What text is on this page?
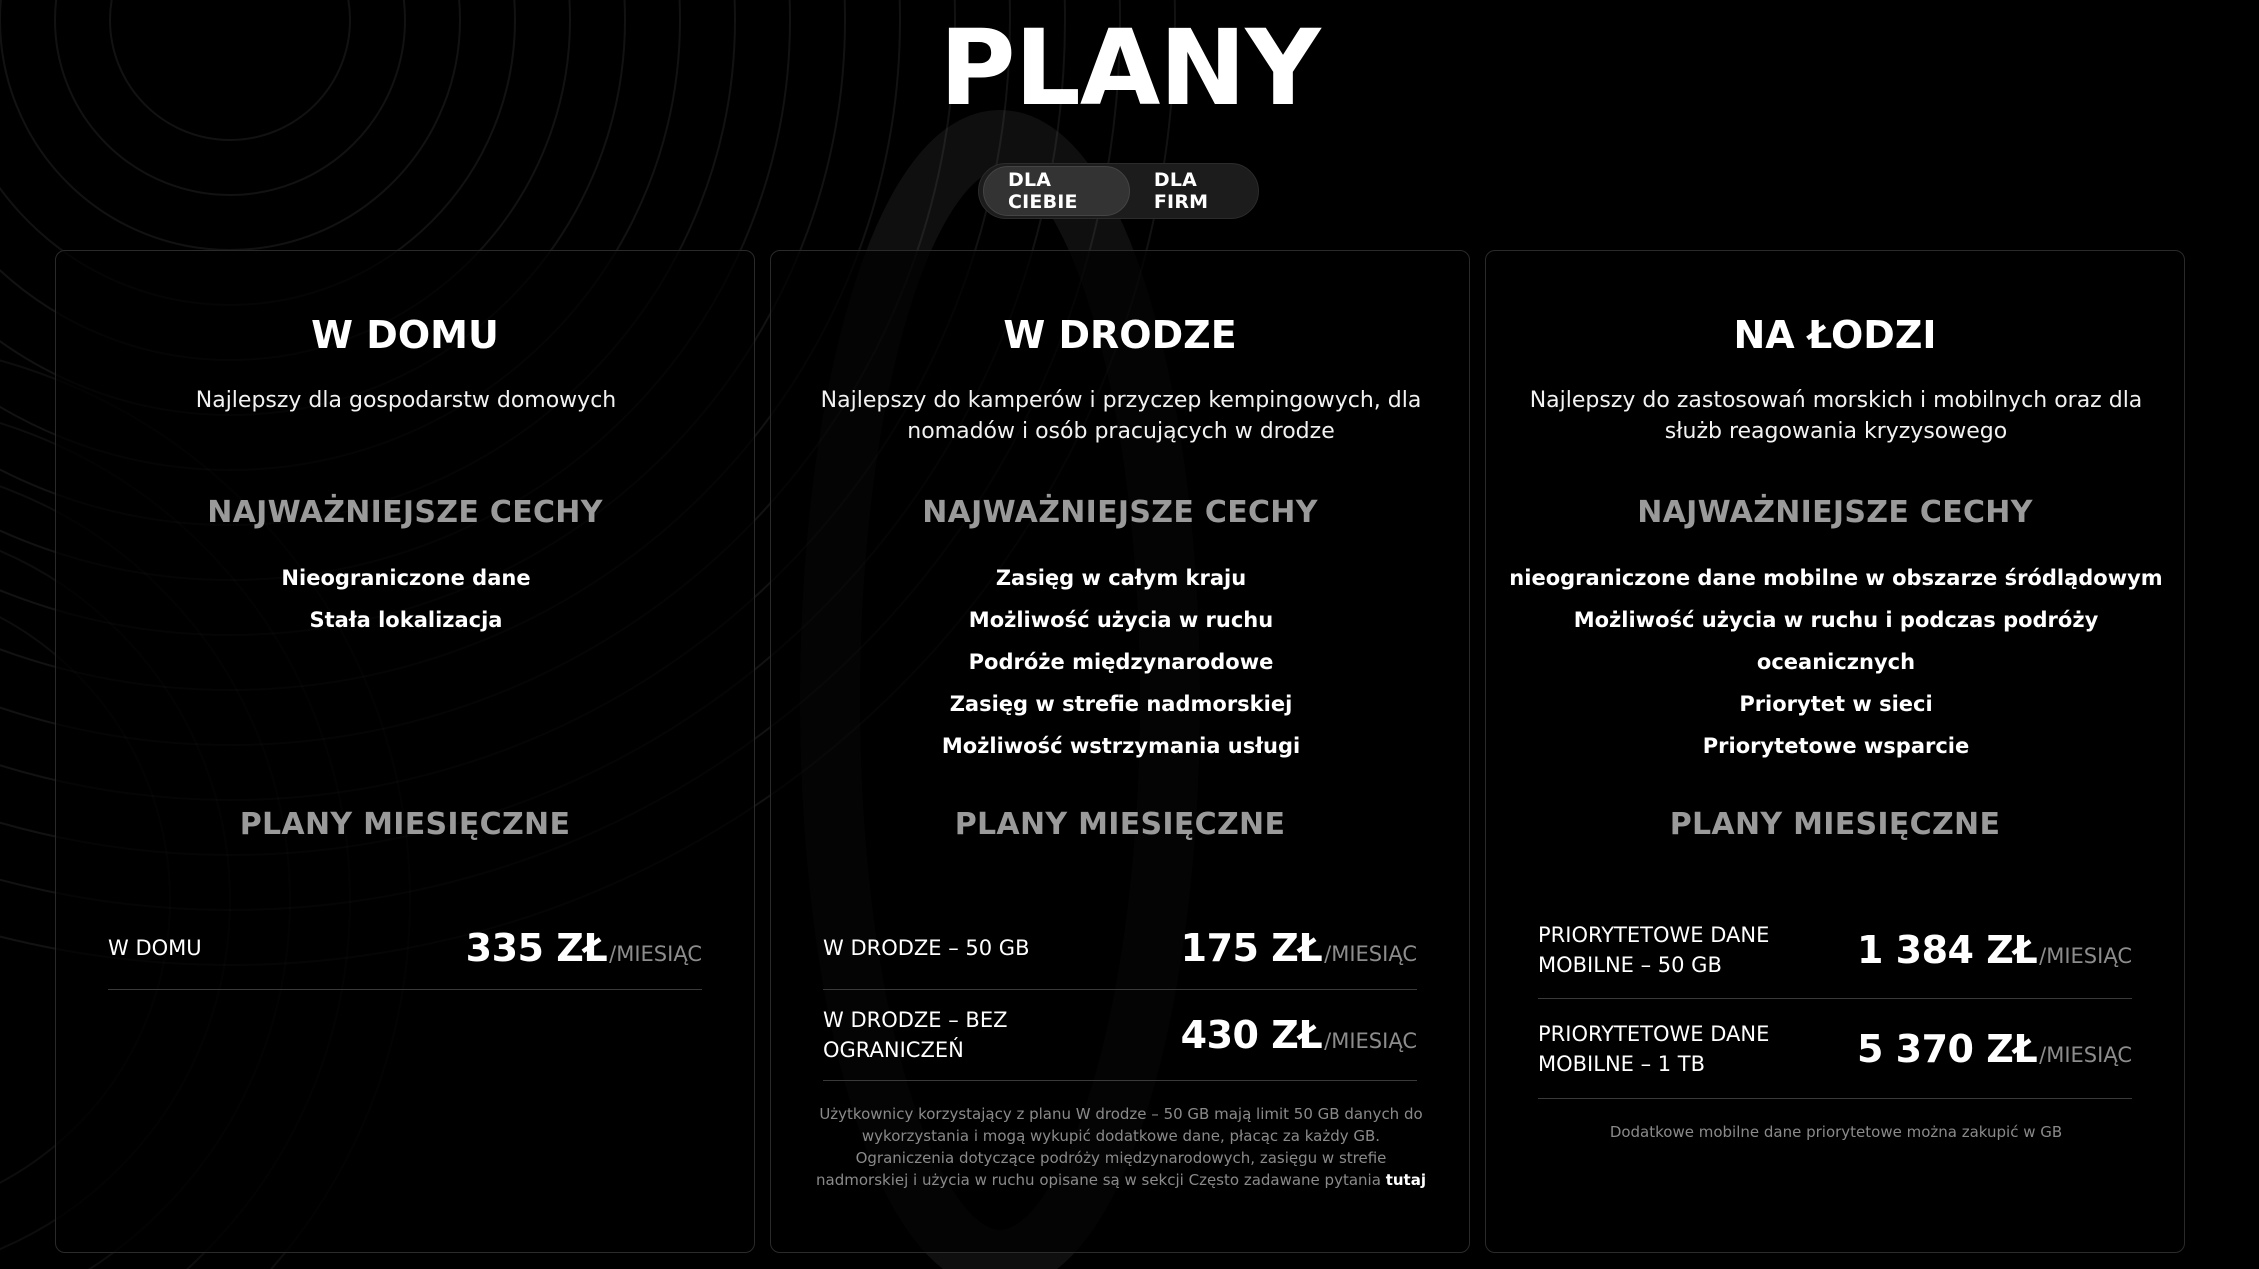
PLANY
DLA CIEBIE
DLA FIRM
W DOMU

Najlepszy dla gospodarstw domowych

NAJWAŻNIEJSZE CECHY
Nieograniczone dane
Stała lokalizacja
PLANY MIESIĘCZNE
W DOMU	335 ZŁ /MIESIĄC
W DRODZE

Najlepszy do kamperów i przyczep kempingowych, dla nomadów i osób pracujących w drodze

NAJWAŻNIEJSZE CECHY
Zasięg w całym kraju
Możliwość użycia w ruchu
Podróże międzynarodowe
Zasięg w strefie nadmorskiej
Możliwość wstrzymania usługi
PLANY MIESIĘCZNE
W DRODZE – 50 GB	175 ZŁ /MIESIĄC
W DRODZE – BEZ OGRANICZEŃ	430 ZŁ /MIESIĄC

Użytkownicy korzystający z planu W drodze – 50 GB mają limit 50 GB danych do wykorzystania i mogą wykupić dodatkowe dane, płacąc za każdy GB. Ograniczenia dotyczące podróży międzynarodowych, zasięgu w strefie nadmorskiej i użycia w ruchu opisane są w sekcji Często zadawane pytania tutaj

NA ŁODZI

Najlepszy do zastosowań morskich i mobilnych oraz dla służb reagowania kryzysowego

NAJWAŻNIEJSZE CECHY
nieograniczone dane mobilne w obszarze śródlądowym
Możliwość użycia w ruchu i podczas podróży oceanicznych
Priorytet w sieci
Priorytetowe wsparcie
PLANY MIESIĘCZNE
PRIORYTETOWE DANE MOBILNE – 50 GB	1 384 ZŁ /MIESIĄC
PRIORYTETOWE DANE MOBILNE – 1 TB	5 370 ZŁ /MIESIĄC

Dodatkowe mobilne dane priorytetowe można zakupić w GB
